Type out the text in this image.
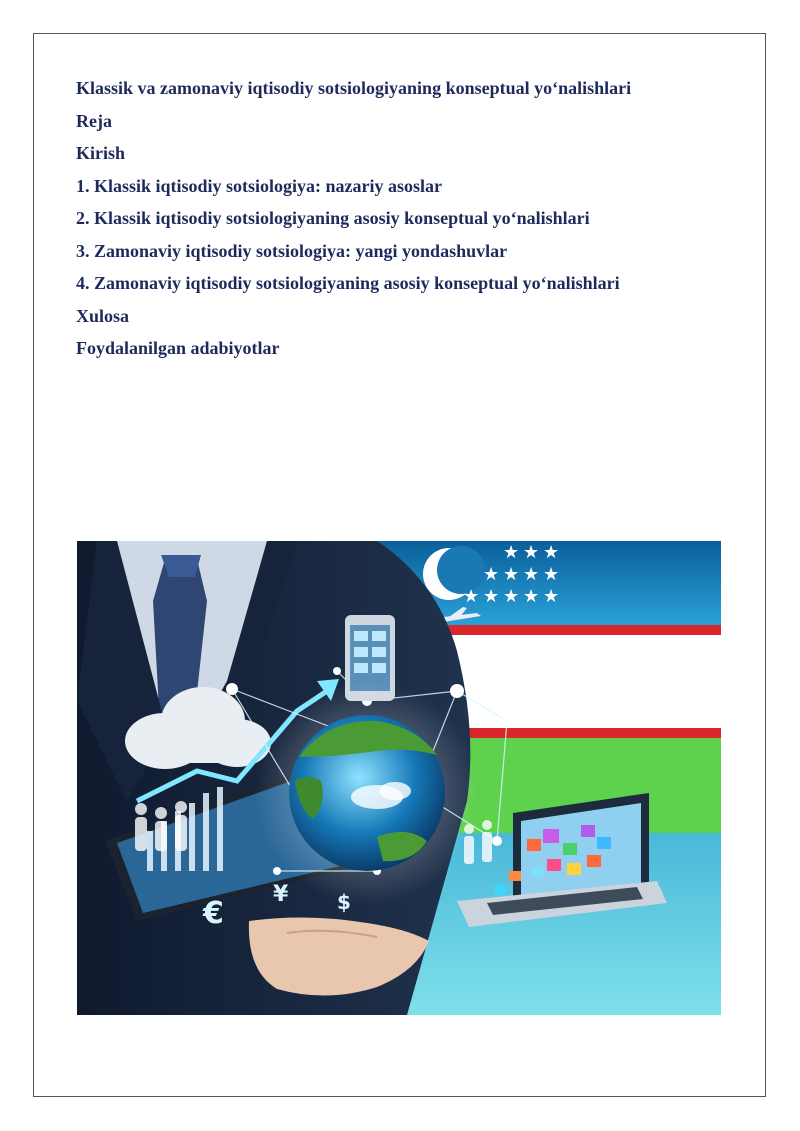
Klassik va zamonaviy iqtisodiy sotsiologiyaning konseptual yo‘nalishlari
Reja
Kirish
1. Klassik iqtisodiy sotsiologiya: nazariy asoslar
2. Klassik iqtisodiy sotsiologiyaning asosiy konseptual yo‘nalishlari
3. Zamonaviy iqtisodiy sotsiologiya: yangi yondashuvlar
4. Zamonaviy iqtisodiy sotsiologiyaning asosiy konseptual yo‘nalishlari
Xulosa
Foydalanilgan adabiyotlar
★ ★ ★
★ ★ ★ ★
★ ★ ★ ★ ★
€
¥ $
